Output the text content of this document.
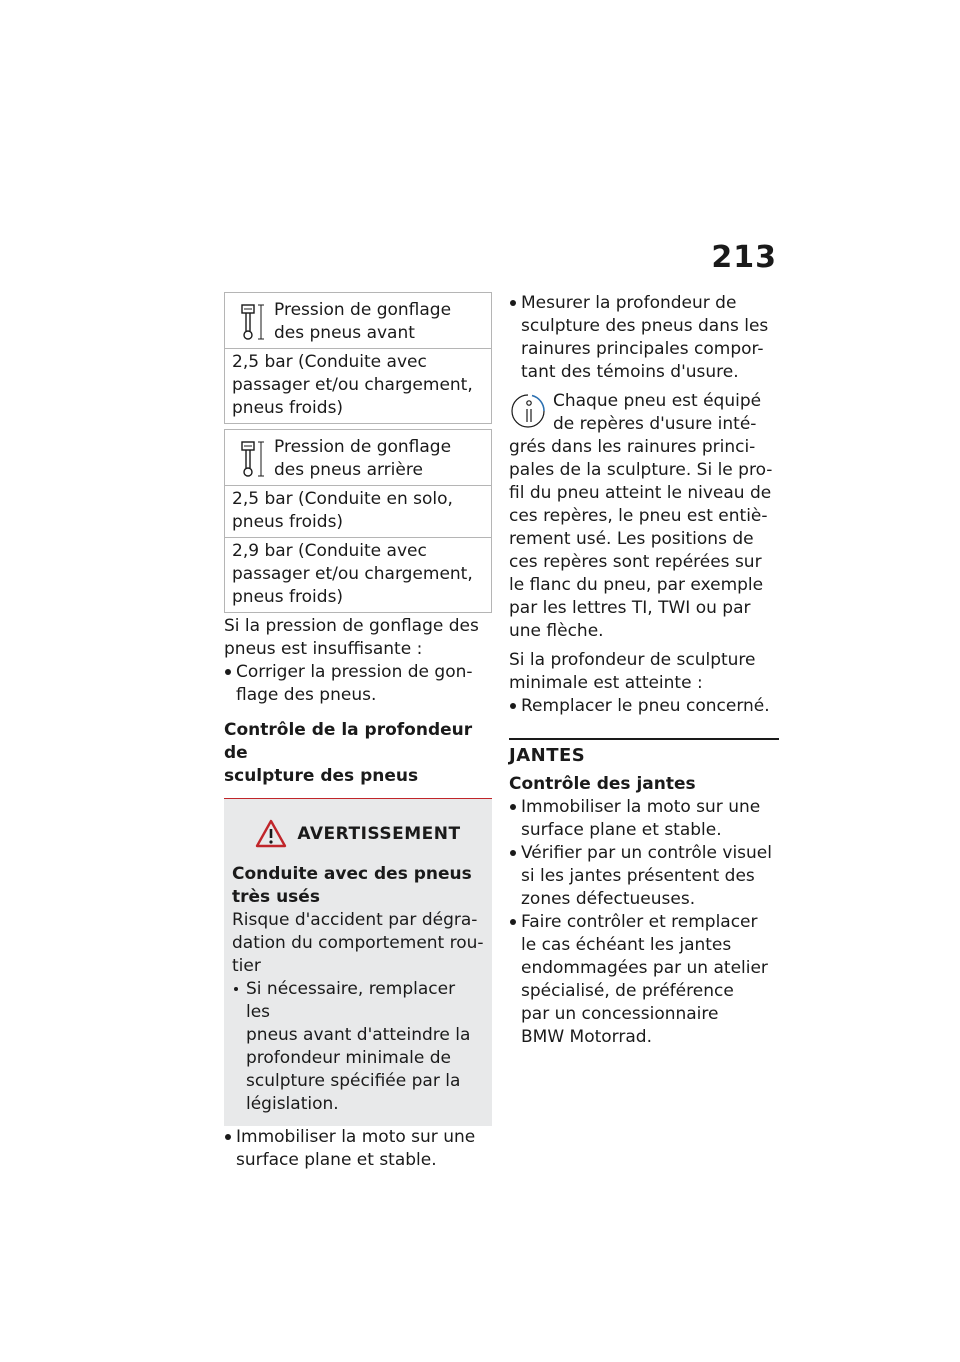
213
Pression de gonflage
des pneus avant
2,5 bar (Conduite avec
passager et/ou chargement,
pneus froids)
Pression de gonflage
des pneus arrière
2,5 bar (Conduite en solo,
pneus froids)
2,9 bar (Conduite avec
passager et/ou chargement,
pneus froids)

Si la pression de gonflage des
pneus est insuffisante :

Corriger la pression de gon-
flage des pneus.

Contrôle de la profondeur de
sculpture des pneus

AVERTISSEMENT

Conduite avec des pneus
très usés

Risque d'accident par dégra-
dation du comportement rou-
tier

Si nécessaire, remplacer les
pneus avant d'atteindre la
profondeur minimale de
sculpture spécifiée par la
législation.
Immobiliser la moto sur une
surface plane et stable.
Mesurer la profondeur de
sculpture des pneus dans les
rainures principales compor-
tant des témoins d'usure.
Chaque pneu est équipé
de repères d'usure inté-
grés dans les rainures princi-
pales de la sculpture. Si le pro-
fil du pneu atteint le niveau de
ces repères, le pneu est entiè-
rement usé. Les positions de
ces repères sont repérées sur
le flanc du pneu, par exemple
par les lettres TI, TWI ou par
une flèche.

Si la profondeur de sculpture
minimale est atteinte :

Remplacer le pneu concerné.
JANTES
Contrôle des jantes
Immobiliser la moto sur une
surface plane et stable.
Vérifier par un contrôle visuel
si les jantes présentent des
zones défectueuses.
Faire contrôler et remplacer
le cas échéant les jantes
endommagées par un atelier
spécialisé, de préférence
par un concessionnaire
BMW Motorrad.
